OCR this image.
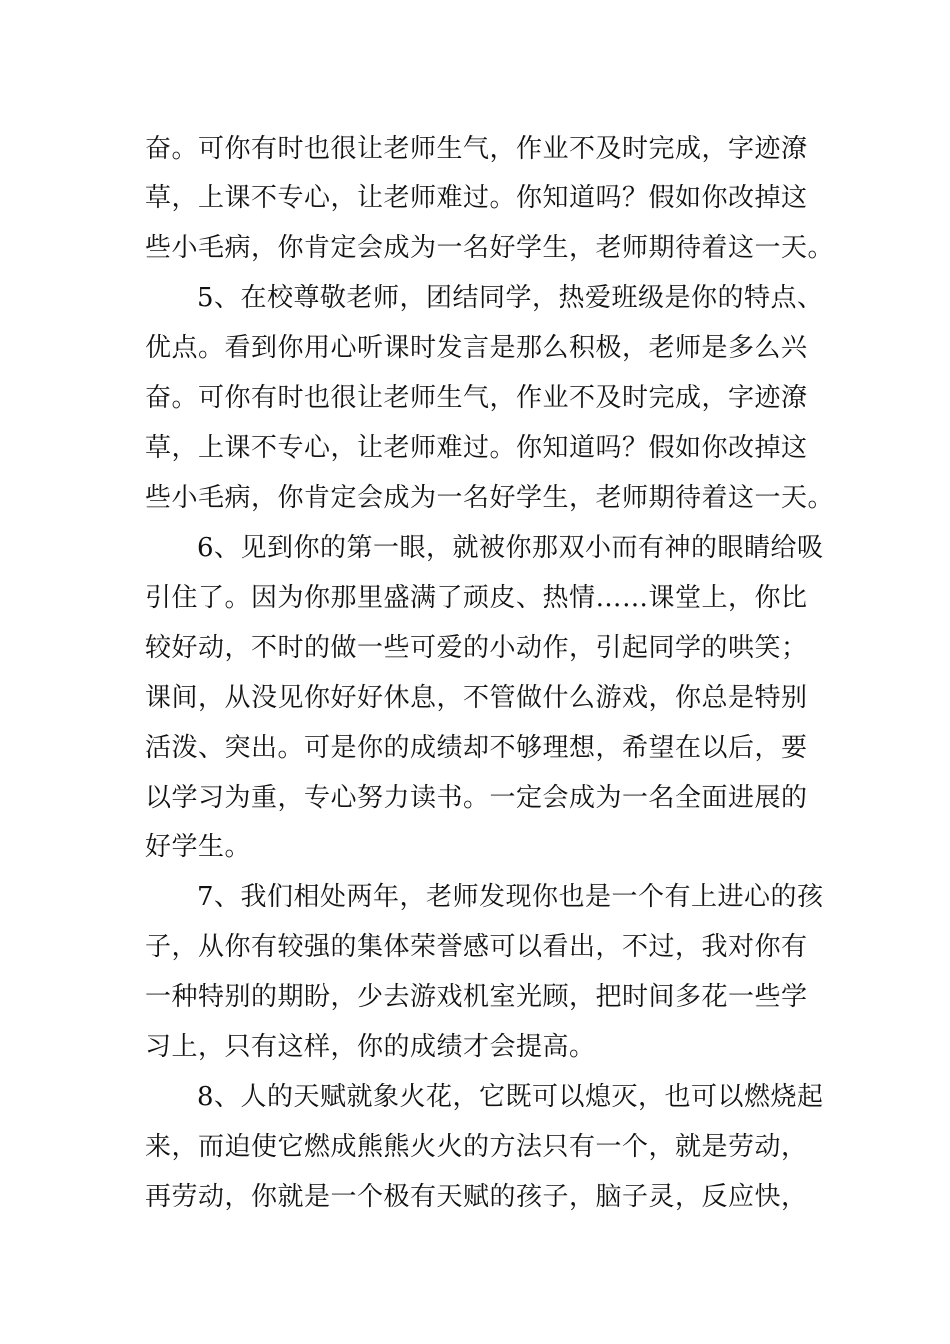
奋。可你有时也很让老师生气，作业不及时完成，字迹潦
草，上课不专心，让老师难过。你知道吗？假如你改掉这
些小毛病，你肯定会成为一名好学生，老师期待着这一天。
5、在校尊敬老师，团结同学，热爱班级是你的特点、
优点。看到你用心听课时发言是那么积极，老师是多么兴
奋。可你有时也很让老师生气，作业不及时完成，字迹潦
草，上课不专心，让老师难过。你知道吗？假如你改掉这
些小毛病，你肯定会成为一名好学生，老师期待着这一天。
6、见到你的第一眼，就被你那双小而有神的眼睛给吸
引住了。因为你那里盛满了顽皮、热情……课堂上，你比
较好动，不时的做一些可爱的小动作，引起同学的哄笑；
课间，从没见你好好休息，不管做什么游戏，你总是特别
活泼、突出。可是你的成绩却不够理想，希望在以后，要
以学习为重，专心努力读书。一定会成为一名全面进展的
好学生。
7、我们相处两年，老师发现你也是一个有上进心的孩
子，从你有较强的集体荣誉感可以看出，不过，我对你有
一种特别的期盼，少去游戏机室光顾，把时间多花一些学
习上，只有这样，你的成绩才会提高。
8、人的天赋就象火花，它既可以熄灭，也可以燃烧起
来，而迫使它燃成熊熊火火的方法只有一个，就是劳动，
再劳动，你就是一个极有天赋的孩子，脑子灵，反应快，
